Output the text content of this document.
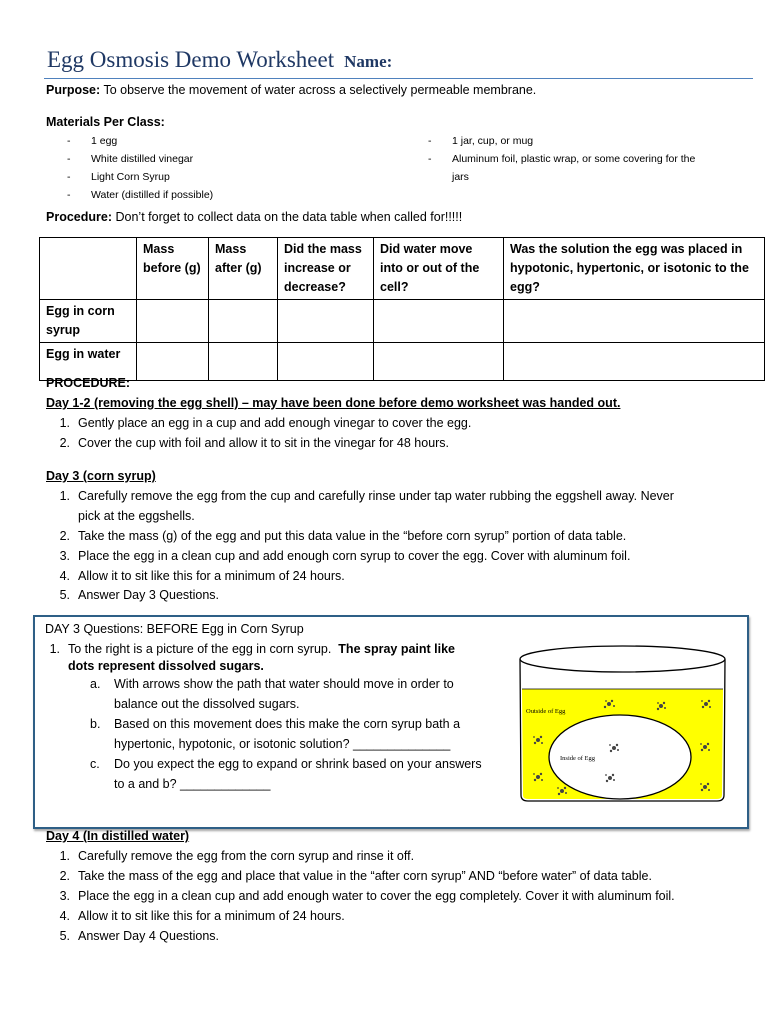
Egg Osmosis Demo Worksheet Name:
Purpose: To observe the movement of water across a selectively permeable membrane.
Materials Per Class:
- 1 egg
- White distilled vinegar
- Light Corn Syrup
- Water (distilled if possible)
- 1 jar, cup, or mug
- Aluminum foil, plastic wrap, or some covering for the
jars
Procedure: Don’t forget to collect data on the data table when called for!!!!!
	Mass before (g)	Mass after (g)	Did the mass increase or decrease?	Did water move into or out of the cell?	Was the solution the egg was placed in hypotonic, hypertonic, or isotonic to the egg?
Egg in corn syrup					
Egg in water					
PROCEDURE:
Day 1-2 (removing the egg shell) – may have been done before demo worksheet was handed out.
1. Gently place an egg in a cup and add enough vinegar to cover the egg.
2. Cover the cup with foil and allow it to sit in the vinegar for 48 hours.
Day 3 (corn syrup)
1. Carefully remove the egg from the cup and carefully rinse under tap water rubbing the eggshell away. Never
pick at the eggshells.
2. Take the mass (g) of the egg and put this data value in the “before corn syrup” portion of data table.
3. Place the egg in a clean cup and add enough corn syrup to cover the egg. Cover with aluminum foil.
4. Allow it to sit like this for a minimum of 24 hours.
5. Answer Day 3 Questions.
DAY 3 Questions: BEFORE Egg in Corn Syrup
1. To the right is a picture of the egg in corn syrup. The spray paint like
dots represent dissolved sugars.
a. With arrows show the path that water should move in order to
balance out the dissolved sugars.
b. Based on this movement does this make the corn syrup bath a
hypertonic, hypotonic, or isotonic solution? ______________
c. Do you expect the egg to expand or shrink based on your answers
to a and b? _____________
Outside of Egg
Inside of Egg
Day 4 (In distilled water)
1. Carefully remove the egg from the corn syrup and rinse it off.
2. Take the mass of the egg and place that value in the “after corn syrup” AND “before water” of data table.
3. Place the egg in a clean cup and add enough water to cover the egg completely. Cover it with aluminum foil.
4. Allow it to sit like this for a minimum of 24 hours.
5. Answer Day 4 Questions.
